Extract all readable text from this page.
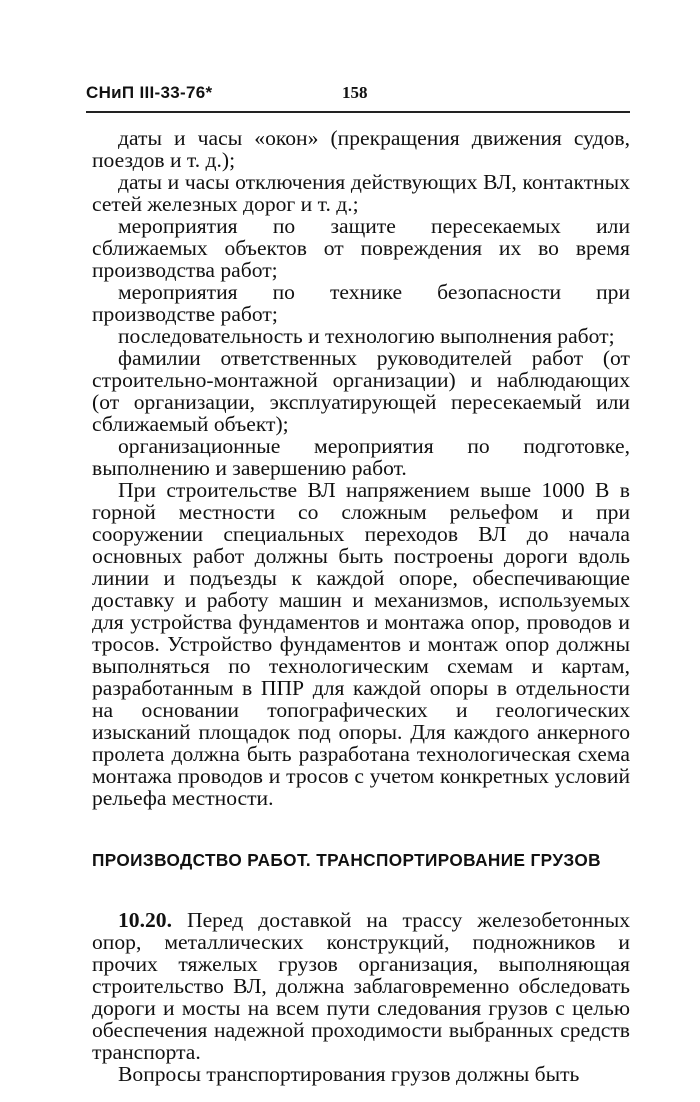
СНиП III-33-76*	158

даты и часы «окон» (прекращения движения судов, поездов и т. д.);

даты и часы отключения действующих ВЛ, контактных сетей железных дорог и т. д.;

мероприятия по защите пересекаемых или сближаемых объектов от повреждения их во время производства работ;

мероприятия по технике безопасности при производстве работ;

последовательность и технологию выполнения работ;

фамилии ответственных руководителей работ (от строительно-монтажной организации) и наблюдающих (от организации, эксплуатирующей пересекаемый или сближаемый объект);

организационные мероприятия по подготовке, выполнению и завершению работ.

При строительстве ВЛ напряжением выше 1000 В в горной местности со сложным рельефом и при сооружении специальных переходов ВЛ до начала основных работ должны быть построены дороги вдоль линии и подъезды к каждой опоре, обеспечивающие доставку и работу машин и механизмов, используемых для устройства фундаментов и монтажа опор, проводов и тросов. Устройство фундаментов и монтаж опор должны выполняться по технологическим схемам и картам, разработанным в ППР для каждой опоры в отдельности на основании топографических и геологических изысканий площадок под опоры. Для каждого анкерного пролета должна быть разработана технологическая схема монтажа проводов и тросов с учетом конкретных условий рельефа местности.

ПРОИЗВОДСТВО РАБОТ. ТРАНСПОРТИРОВАНИЕ ГРУЗОВ

10.20. Перед доставкой на трассу железобетонных опор, металлических конструкций, подножников и прочих тяжелых грузов организация, выполняющая строительство ВЛ, должна заблаговременно обследовать дороги и мосты на всем пути следования грузов с целью обеспечения надежной проходимости выбранных средств транспорта.

Вопросы транспортирования грузов должны быть
